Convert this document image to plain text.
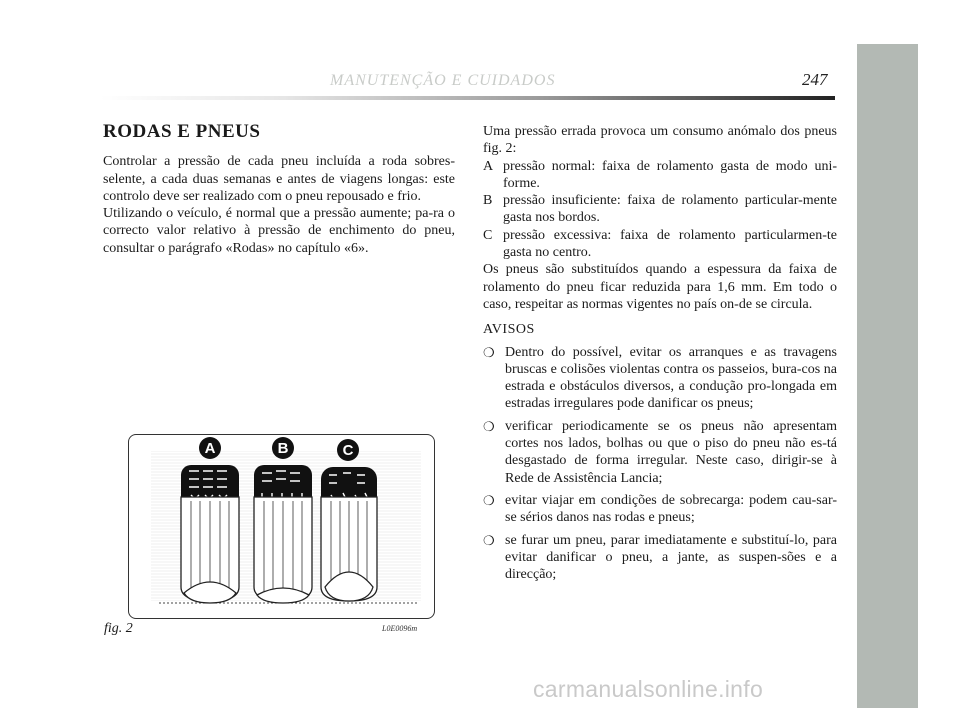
MANUTENÇÃO E CUIDADOS	247
RODAS E PNEUS

Controlar a pressão de cada pneu incluída a roda sobres-selente, a cada duas semanas e antes de viagens longas: este controlo deve ser realizado com o pneu repousado e frio.

Utilizando o veículo, é normal que a pressão aumente; pa-ra o correcto valor relativo à pressão de enchimento do pneu, consultar o parágrafo «Rodas» no capítulo «6».

Uma pressão errada provoca um consumo anómalo dos pneus fig. 2:

A pressão normal: faixa de rolamento gasta de modo uni-forme.
B pressão insuficiente: faixa de rolamento particular-mente gasta nos bordos.
C pressão excessiva: faixa de rolamento particularmen-te gasta no centro.

Os pneus são substituídos quando a espessura da faixa de rolamento do pneu ficar reduzida para 1,6 mm. Em todo o caso, respeitar as normas vigentes no país on-de se circula.

AVISOS

❍ Dentro do possível, evitar os arranques e as travagens bruscas e colisões violentas contra os passeios, bura-cos na estrada e obstáculos diversos, a condução pro-longada em estradas irregulares pode danificar os pneus;
❍ verificar periodicamente se os pneus não apresentam cortes nos lados, bolhas ou que o piso do pneu não es-tá desgastado de forma irregular. Neste caso, dirigir-se à Rede de Assistência Lancia;
❍ evitar viajar em condições de sobrecarga: podem cau-sar-se sérios danos nas rodas e pneus;
❍ se furar um pneu, parar imediatamente e substituí-lo, para evitar danificar o pneu, a jante, as suspen-sões e a direcção;
A	B	C
fig. 2	L0E0096m
carmanualsonline.info
